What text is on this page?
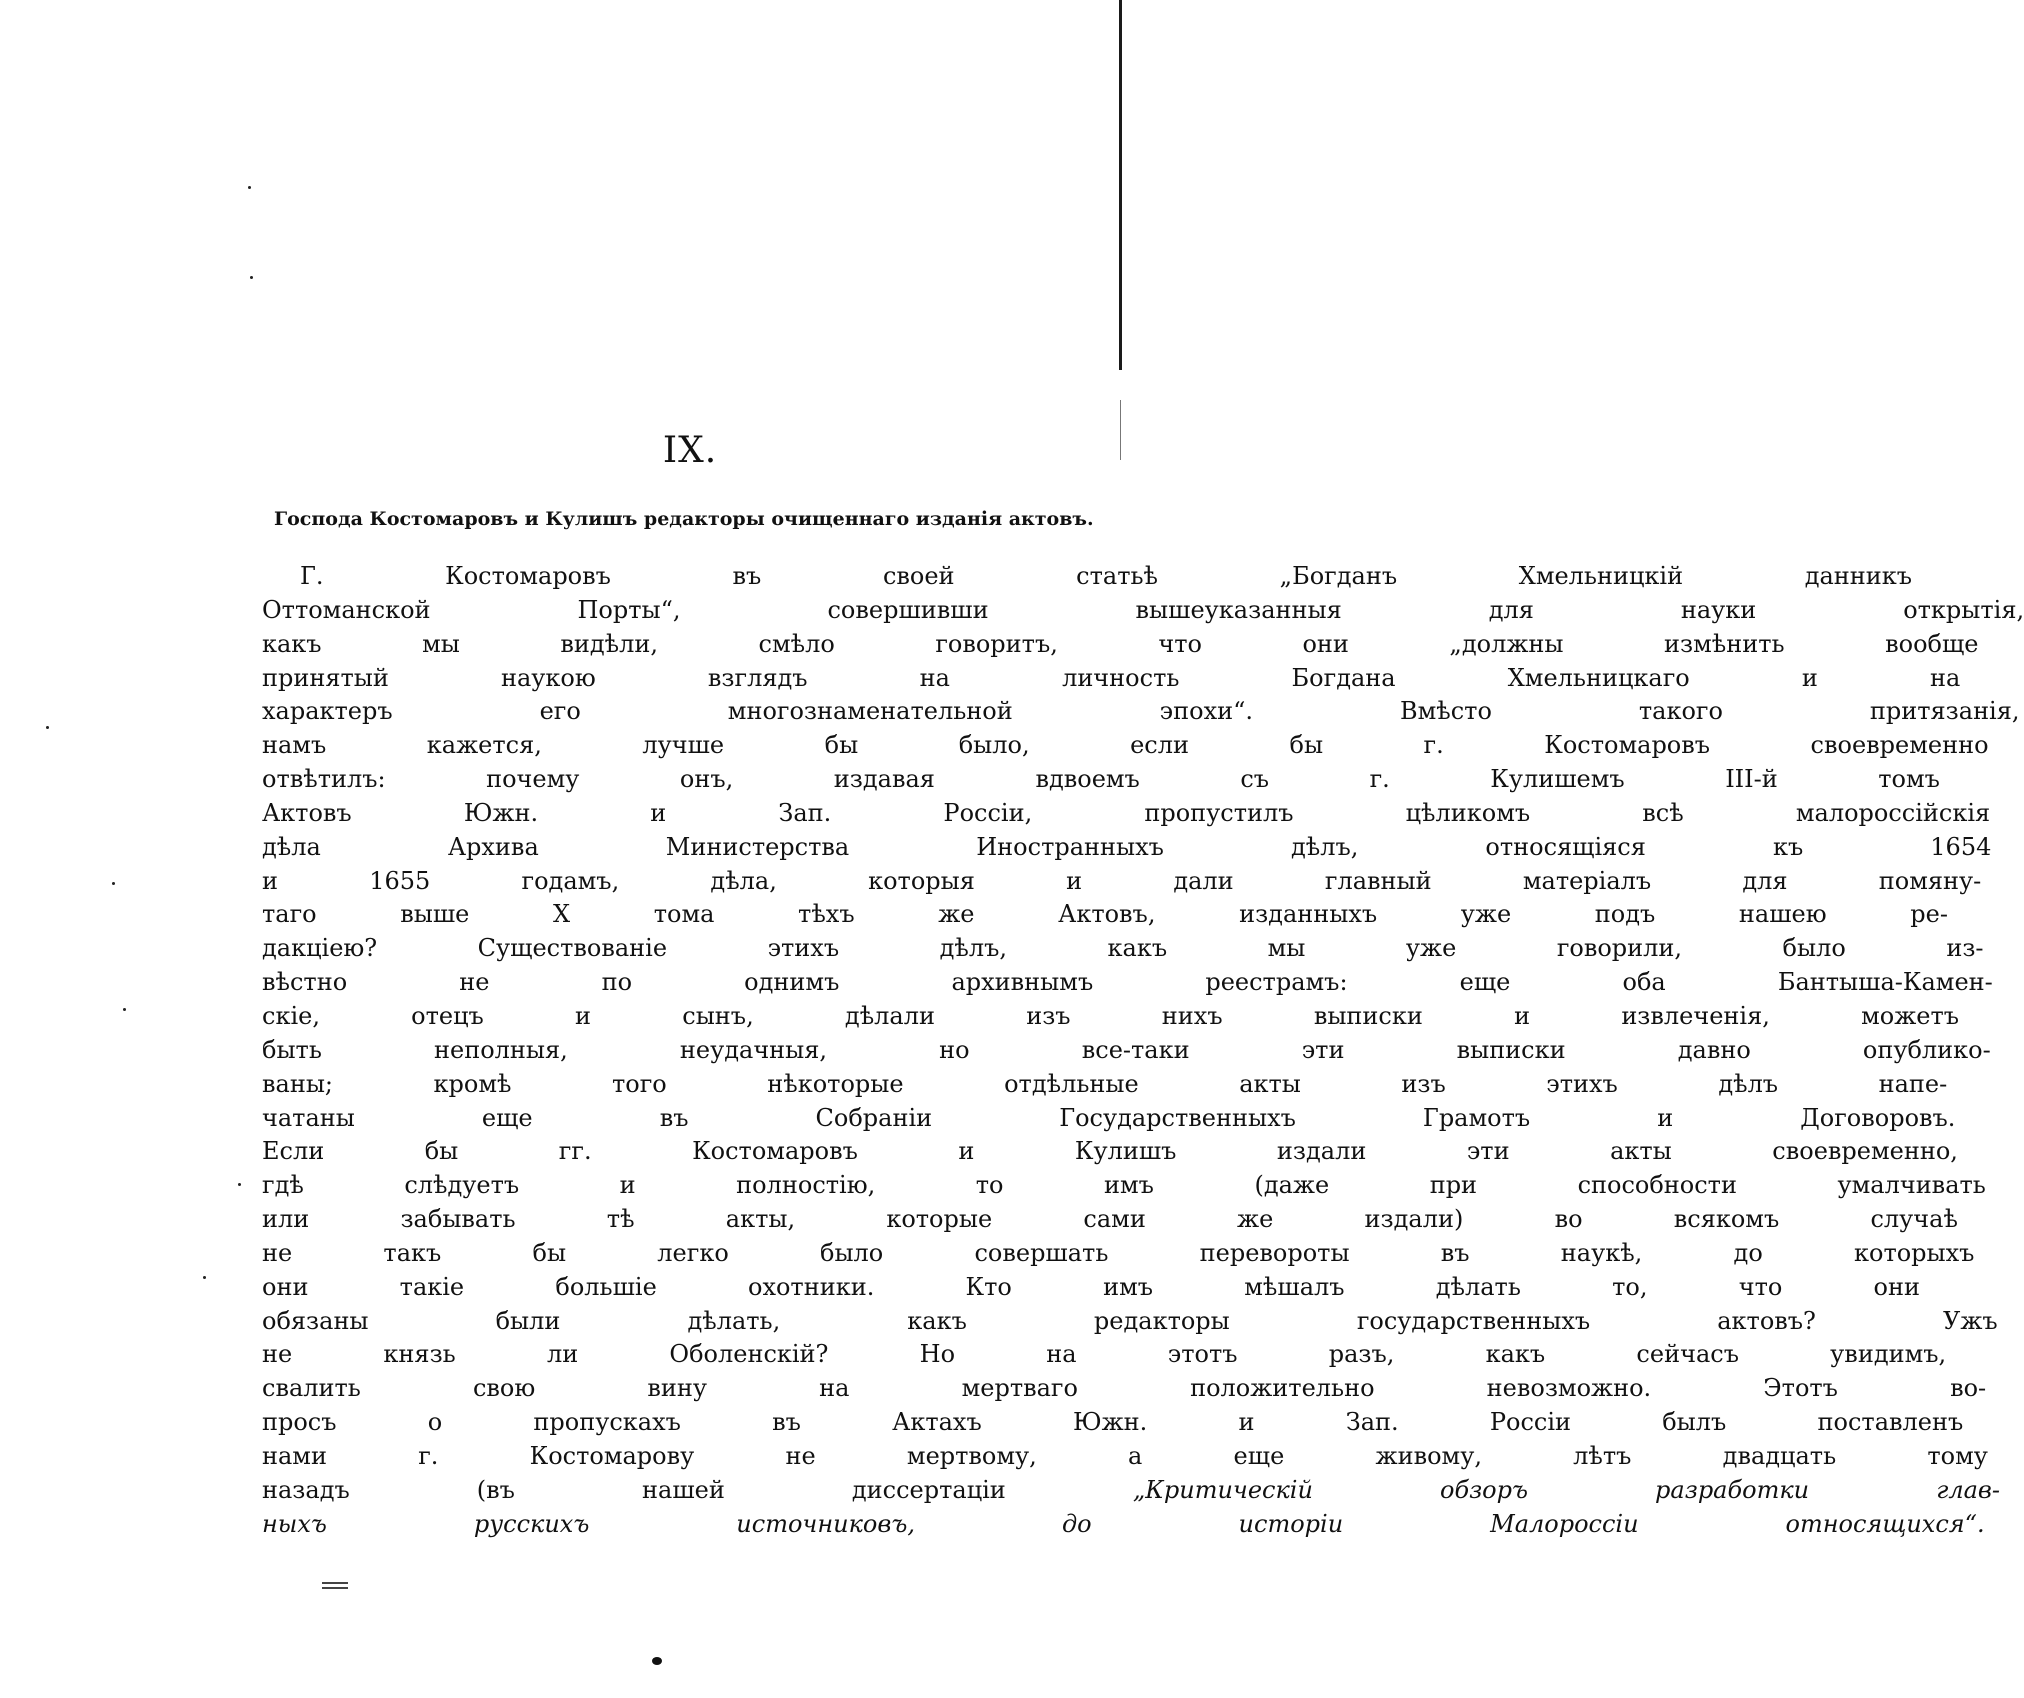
IX.
Господа Костомаровъ и Кулишъ редакторы очищеннаго изданія актовъ.
Г. Костомаровъ въ своей статьѣ „Богданъ Хмельницкій данникъ
Оттоманской Порты“, совершивши вышеуказанныя для науки открытія,
какъ мы видѣли, смѣло говоритъ, что они „должны измѣнить вообще
принятый наукою взглядъ на личность Богдана Хмельницкаго и на
характеръ его многознаменательной эпохи“. Вмѣсто такого притязанія,
намъ кажется, лучше бы было, если бы г. Костомаровъ своевременно
отвѣтилъ: почему онъ, издавая вдвоемъ съ г. Кулишемъ III-й томъ
Актовъ Южн. и Зап. Россіи, пропустилъ цѣликомъ всѣ малороссійскія
дѣла Архива Министерства Иностранныхъ дѣлъ, относящіяся къ 1654
и 1655 годамъ, дѣла, которыя и дали главный матеріалъ для помяну-
таго выше X тома тѣхъ же Актовъ, изданныхъ уже подъ нашею ре-
дакціею? Существованіе этихъ дѣлъ, какъ мы уже говорили, было из-
вѣстно не по однимъ архивнымъ реестрамъ: еще оба Бантыша-Камен-
скіе, отецъ и сынъ, дѣлали изъ нихъ выписки и извлеченія, можетъ
быть неполныя, неудачныя, но все-таки эти выписки давно опублико-
ваны; кромѣ того нѣкоторые отдѣльные акты изъ этихъ дѣлъ напе-
чатаны еще въ Собраніи Государственныхъ Грамотъ и Договоровъ.
Если бы гг. Костомаровъ и Кулишъ издали эти акты своевременно,
гдѣ слѣдуетъ и полностію, то имъ (даже при способности умалчивать
или забывать тѣ акты, которые сами же издали) во всякомъ случаѣ
не такъ бы легко было совершать перевороты въ наукѣ, до которыхъ
они такіе большіе охотники. Кто имъ мѣшалъ дѣлать то, что они
обязаны были дѣлать, какъ редакторы государственныхъ актовъ? Ужъ
не князь ли Оболенскій? Но на этотъ разъ, какъ сейчасъ увидимъ,
свалить свою вину на мертваго положительно невозможно. Этотъ во-
просъ о пропускахъ въ Актахъ Южн. и Зап. Россіи былъ поставленъ
нами г. Костомарову не мертвому, а еще живому, лѣтъ двадцать тому
назадъ (въ нашей диссертаціи „Критическій обзоръ разработки глав-
ныхъ русскихъ источниковъ, до исторіи Малороссіи относящихся“.
